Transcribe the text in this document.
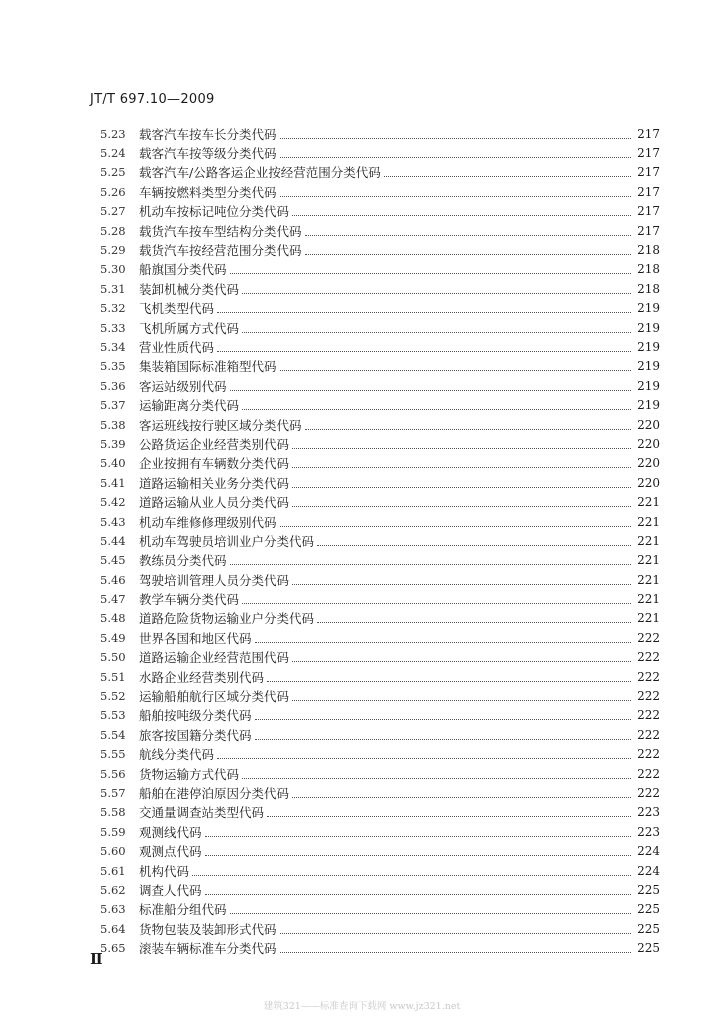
JT/T 697.10—2009
5.23	载客汽车按车长分类代码	217
5.24	载客汽车按等级分类代码	217
5.25	载客汽车/公路客运企业按经营范围分类代码	217
5.26	车辆按燃料类型分类代码	217
5.27	机动车按标记吨位分类代码	217
5.28	载货汽车按车型结构分类代码	217
5.29	载货汽车按经营范围分类代码	218
5.30	船旗国分类代码	218
5.31	装卸机械分类代码	218
5.32	飞机类型代码	219
5.33	飞机所属方式代码	219
5.34	营业性质代码	219
5.35	集装箱国际标准箱型代码	219
5.36	客运站级别代码	219
5.37	运输距离分类代码	219
5.38	客运班线按行驶区域分类代码	220
5.39	公路货运企业经营类别代码	220
5.40	企业按拥有车辆数分类代码	220
5.41	道路运输相关业务分类代码	220
5.42	道路运输从业人员分类代码	221
5.43	机动车维修修理级别代码	221
5.44	机动车驾驶员培训业户分类代码	221
5.45	教练员分类代码	221
5.46	驾驶培训管理人员分类代码	221
5.47	教学车辆分类代码	221
5.48	道路危险货物运输业户分类代码	221
5.49	世界各国和地区代码	222
5.50	道路运输企业经营范围代码	222
5.51	水路企业经营类别代码	222
5.52	运输船舶航行区域分类代码	222
5.53	船舶按吨级分类代码	222
5.54	旅客按国籍分类代码	222
5.55	航线分类代码	222
5.56	货物运输方式代码	222
5.57	船舶在港停泊原因分类代码	222
5.58	交通量调查站类型代码	223
5.59	观测线代码	223
5.60	观测点代码	224
5.61	机构代码	224
5.62	调查人代码	225
5.63	标准船分组代码	225
5.64	货物包装及装卸形式代码	225
5.65	滚装车辆标准车分类代码	225
Ⅱ
建筑321——标准查询下载网 www.jz321.net
